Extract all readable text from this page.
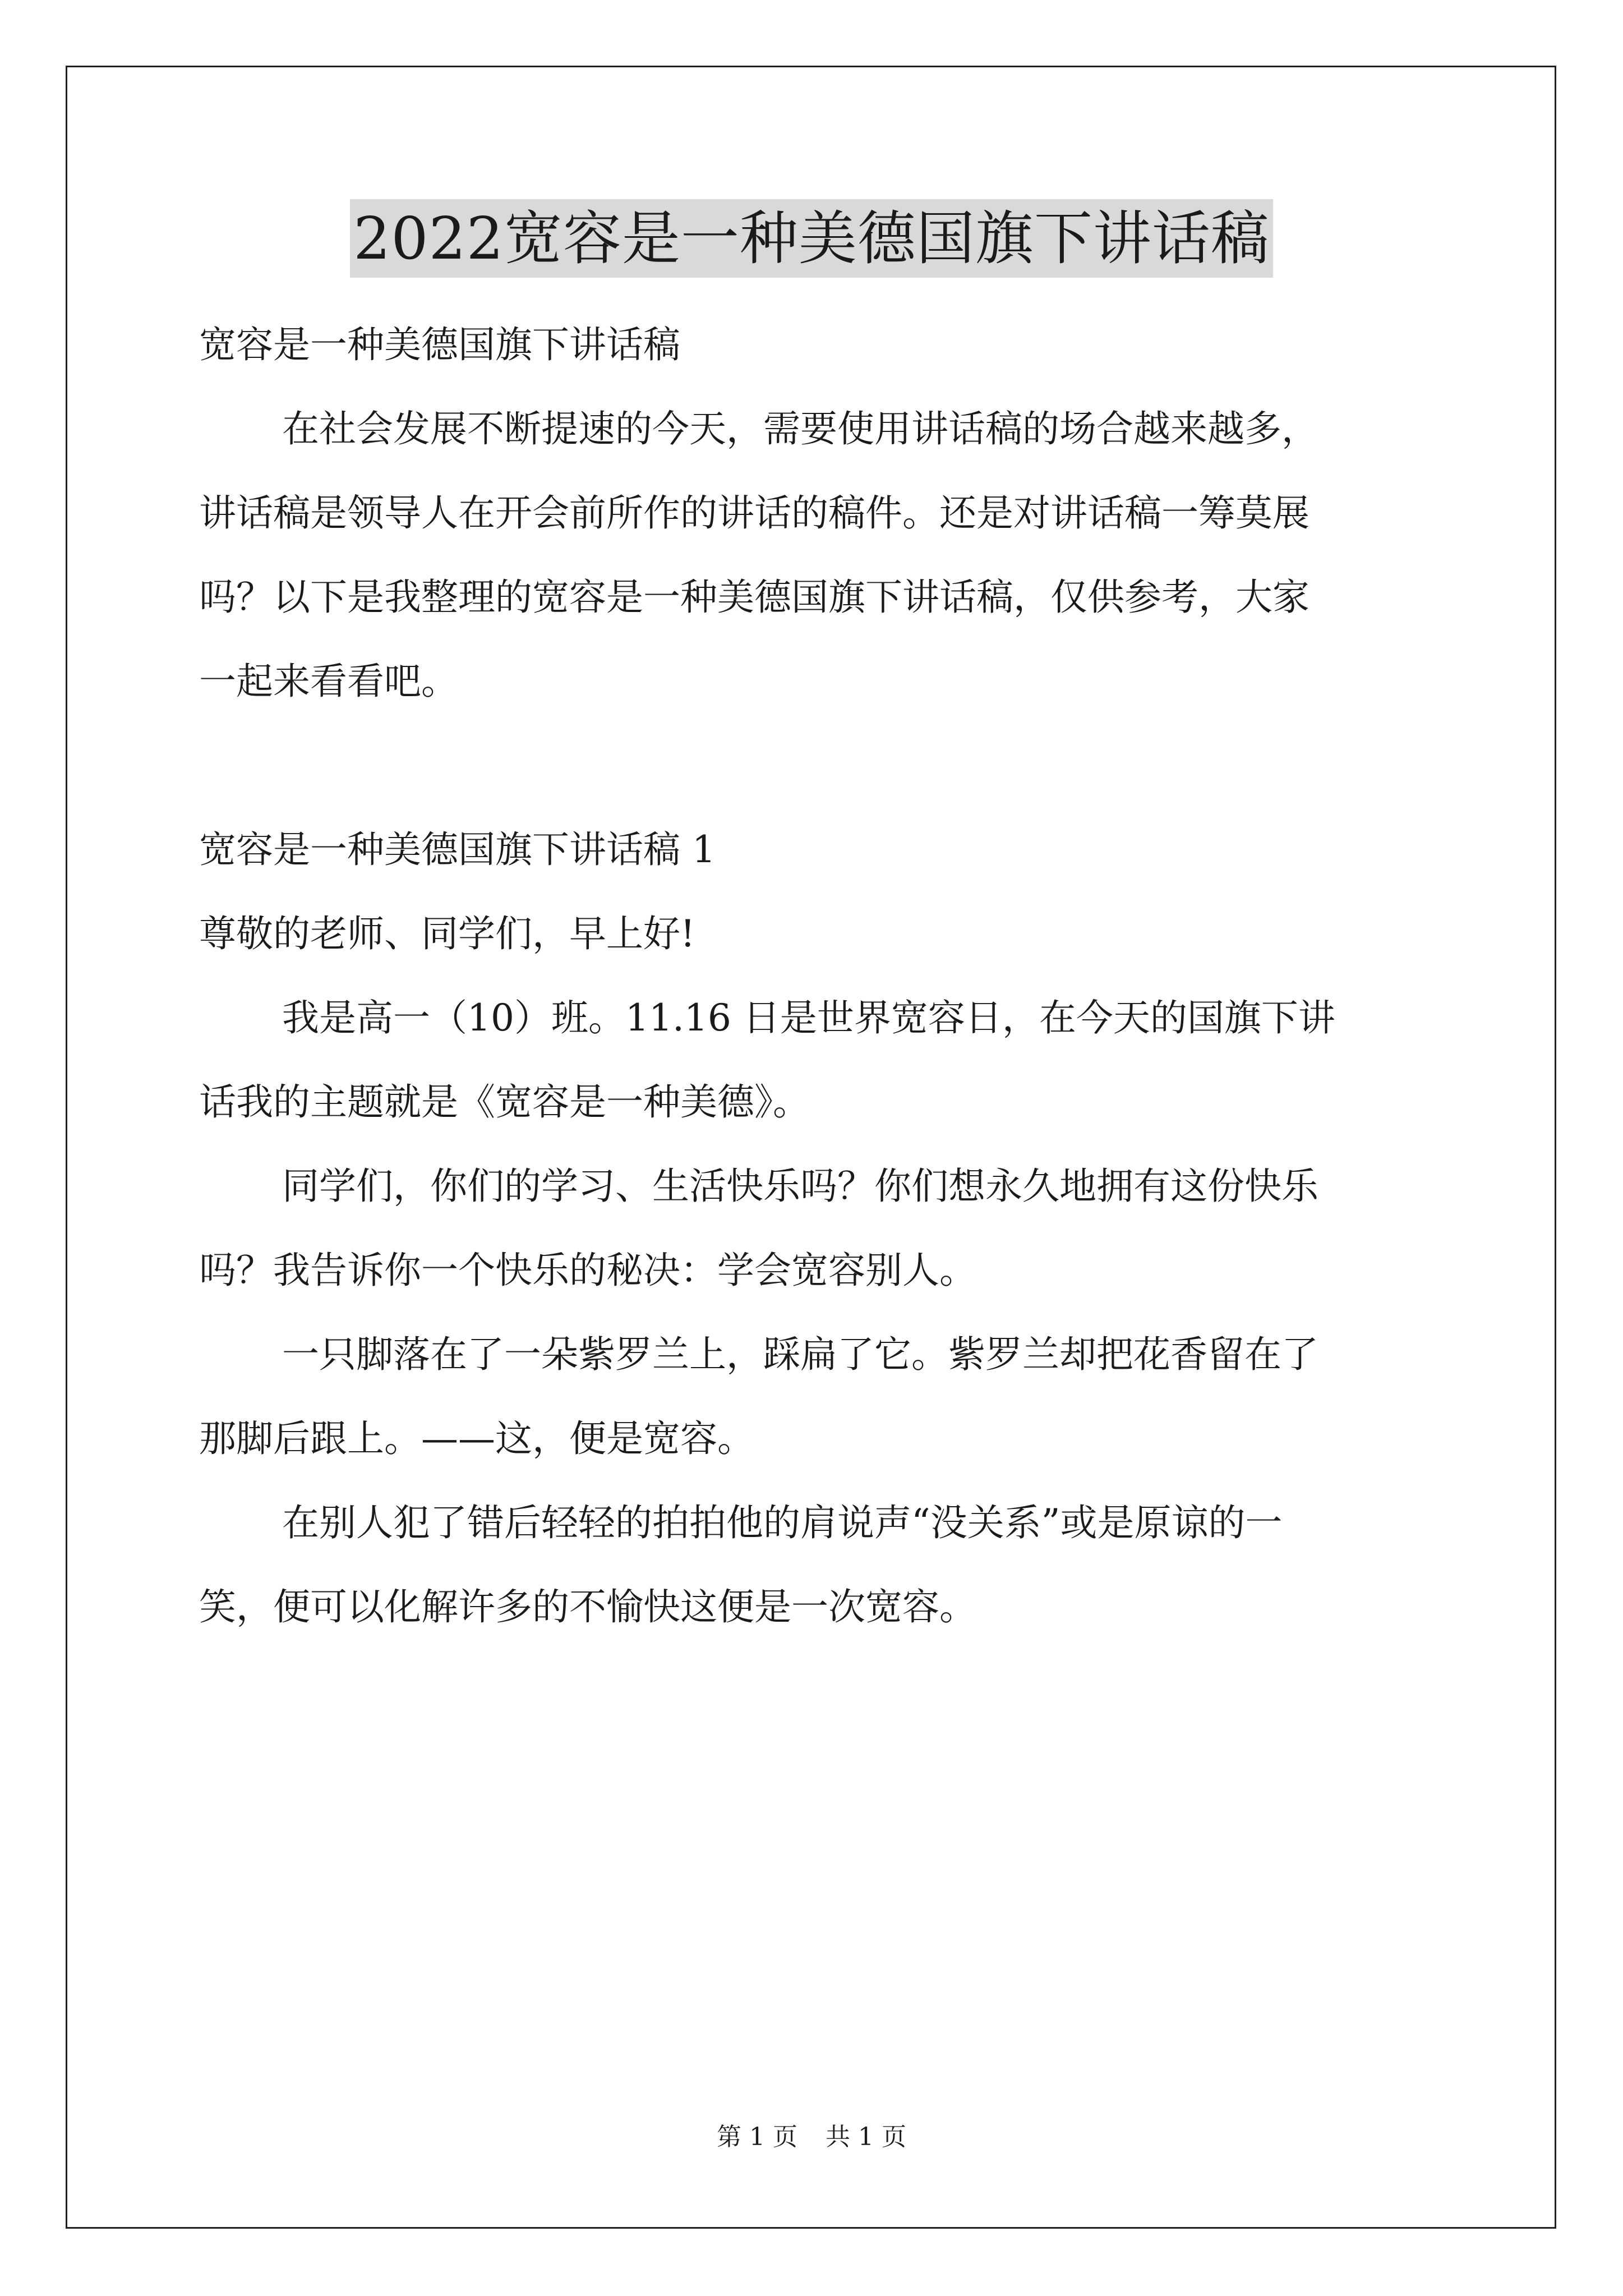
2022宽容是一种美德国旗下讲话稿
宽容是一种美德国旗下讲话稿
在社会发展不断提速的今天，需要使用讲话稿的场合越来越多，
讲话稿是领导人在开会前所作的讲话的稿件。还是对讲话稿一筹莫展
吗？以下是我整理的宽容是一种美德国旗下讲话稿，仅供参考，大家
一起来看看吧。
宽容是一种美德国旗下讲话稿 1
尊敬的老师、同学们，早上好!
我是高一（10）班。11.16 日是世界宽容日，在今天的国旗下讲
话我的主题就是《宽容是一种美德》。
同学们，你们的学习、生活快乐吗？你们想永久地拥有这份快乐
吗？我告诉你一个快乐的秘决：学会宽容别人。
一只脚落在了一朵紫罗兰上，踩扁了它。紫罗兰却把花香留在了
那脚后跟上。——这，便是宽容。
在别人犯了错后轻轻的拍拍他的肩说声“没关系”或是原谅的一
笑，便可以化解许多的不愉快这便是一次宽容。
第 1 页 共 1 页
